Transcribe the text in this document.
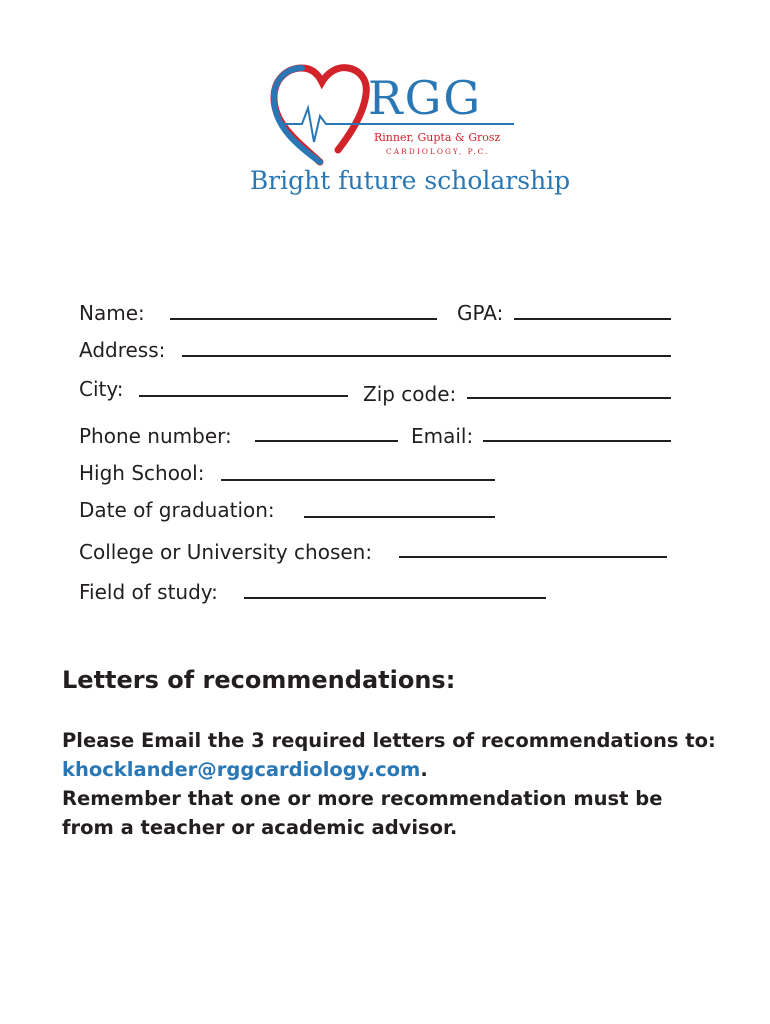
RGG
Rinner, Gupta & Grosz
CARDIOLOGY, P.C.
Bright future scholarship
Name:	GPA:
Address:
City:	Zip code:
Phone number:	Email:
High School:
Date of graduation:
College or University chosen:
Field of study:
Letters of recommendations:
Please Email the 3 required letters of recommendations to:
khocklander@rggcardiology.com.
Remember that one or more recommendation must be
from a teacher or academic advisor.
